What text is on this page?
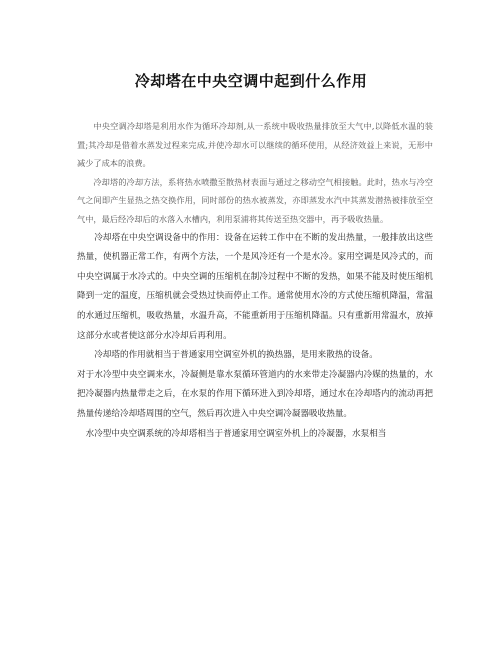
冷却塔在中央空调中起到什么作用

中央空调冷却塔是利用水作为循环冷却剂,从一系统中吸收热量排放至大气中,以降低水温的装置;其冷却是借着水蒸发过程来完成,并使冷却水可以继续的循环使用，从经济效益上来说，无形中减少了成本的浪费。

冷却塔的冷却方法，系将热水喷撒至散热材表面与通过之移动空气相接触。此时，热水与冷空气之间即产生显热之热交换作用，同时部份的热水被蒸发，亦即蒸发水汽中其蒸发潜热被排放至空气中，最后经冷却后的水落入水槽内，利用泵浦将其传送至热交器中，再予吸收热量。

冷却塔在中央空调设备中的作用：设备在运转工作中在不断的发出热量，一般排放出这些热量，使机器正常工作，有两个方法，一个是风冷还有一个是水冷。家用空调是风冷式的，而中央空调属于水冷式的。中央空调的压缩机在制冷过程中不断的发热，如果不能及时使压缩机降到一定的温度，压缩机就会受热过快而停止工作。通常使用水冷的方式使压缩机降温，常温的水通过压缩机，吸收热量，水温升高，不能重新用于压缩机降温。只有重新用常温水，放掉这部分水或者使这部分水冷却后再利用。

冷却塔的作用就相当于普通家用空调室外机的换热器，是用来散热的设备。

对于水冷型中央空调来水，冷凝侧是靠水泵循环管道内的水来带走冷凝器内冷媒的热量的，水把冷凝器内热量带走之后，在水泵的作用下循环进入到冷却塔，通过水在冷却塔内的流动再把热量传递给冷却塔周围的空气，然后再次进入中央空调冷凝器吸收热量。

水冷型中央空调系统的冷却塔相当于普通家用空调室外机上的冷凝器，水泵相当
